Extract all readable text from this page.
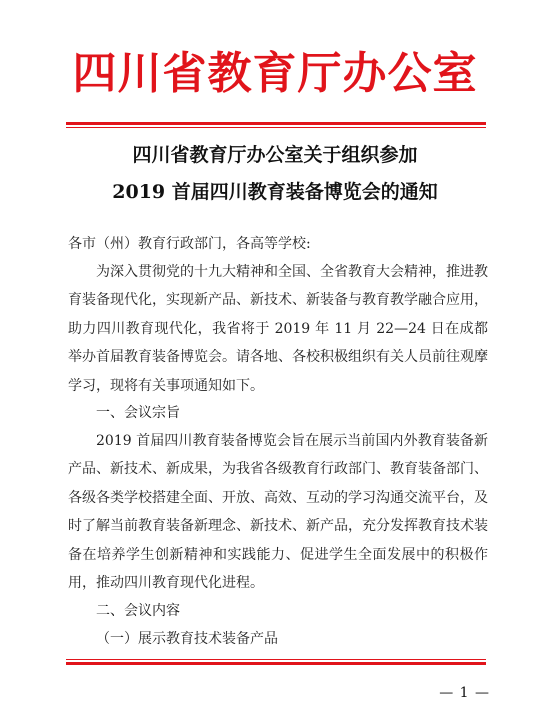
四川省教育厅办公室
四川省教育厅办公室关于组织参加
2019 首届四川教育装备博览会的通知
各市（州）教育行政部门，各高等学校:
为深入贯彻党的十九大精神和全国、全省教育大会精神，推进教育装备现代化，实现新产品、新技术、新装备与教育教学融合应用，助力四川教育现代化，我省将于 2019 年 11 月 22—24 日在成都举办首届教育装备博览会。请各地、各校积极组织有关人员前往观摩学习，现将有关事项通知如下。
一、会议宗旨
2019 首届四川教育装备博览会旨在展示当前国内外教育装备新产品、新技术、新成果，为我省各级教育行政部门、教育装备部门、各级各类学校搭建全面、开放、高效、互动的学习沟通交流平台，及时了解当前教育装备新理念、新技术、新产品，充分发挥教育技术装备在培养学生创新精神和实践能力、促进学生全面发展中的积极作用，推动四川教育现代化进程。
二、会议内容
（一）展示教育技术装备产品
— 1 —
